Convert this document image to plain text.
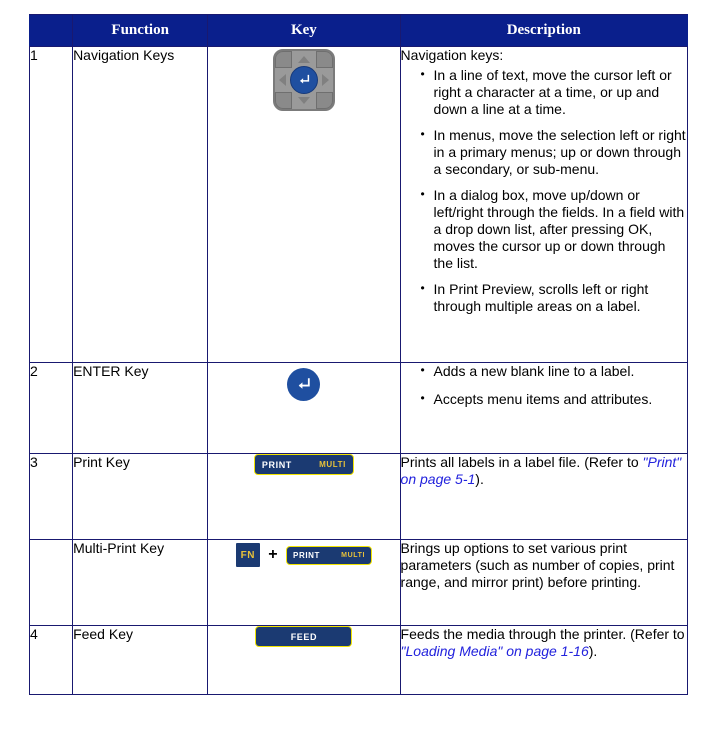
	Function	Key	Description
1	Navigation Keys		Navigation keys:

• In a line of text, move the cursor left or right a character at a time, or up and down a line at a time.
• In menus, move the selection left or right in a primary menus; up or down through a secondary, or sub-menu.
• In a dialog box, move up/down or left/right through the fields. In a field with a drop down list, after pressing OK, moves the cursor up or down through the list.
• In Print Preview, scrolls left or right through multiple areas on a label.

2	ENTER Key	

•Adds a new blank line to a label.
• Accepts menu items and attributes.

3	Print Key	PRINT MULTI	Prints all labels in a label file. (Refer to "Print" on page 5-1).

	Multi-Print Key	FN + PRINT MULTI	Brings up options to set various print parameters (such as number of copies, print range, and mirror print) before printing.

4	Feed Key	FEED	Feeds the media through the printer. (Refer to "Loading Media" on page 1-16).
